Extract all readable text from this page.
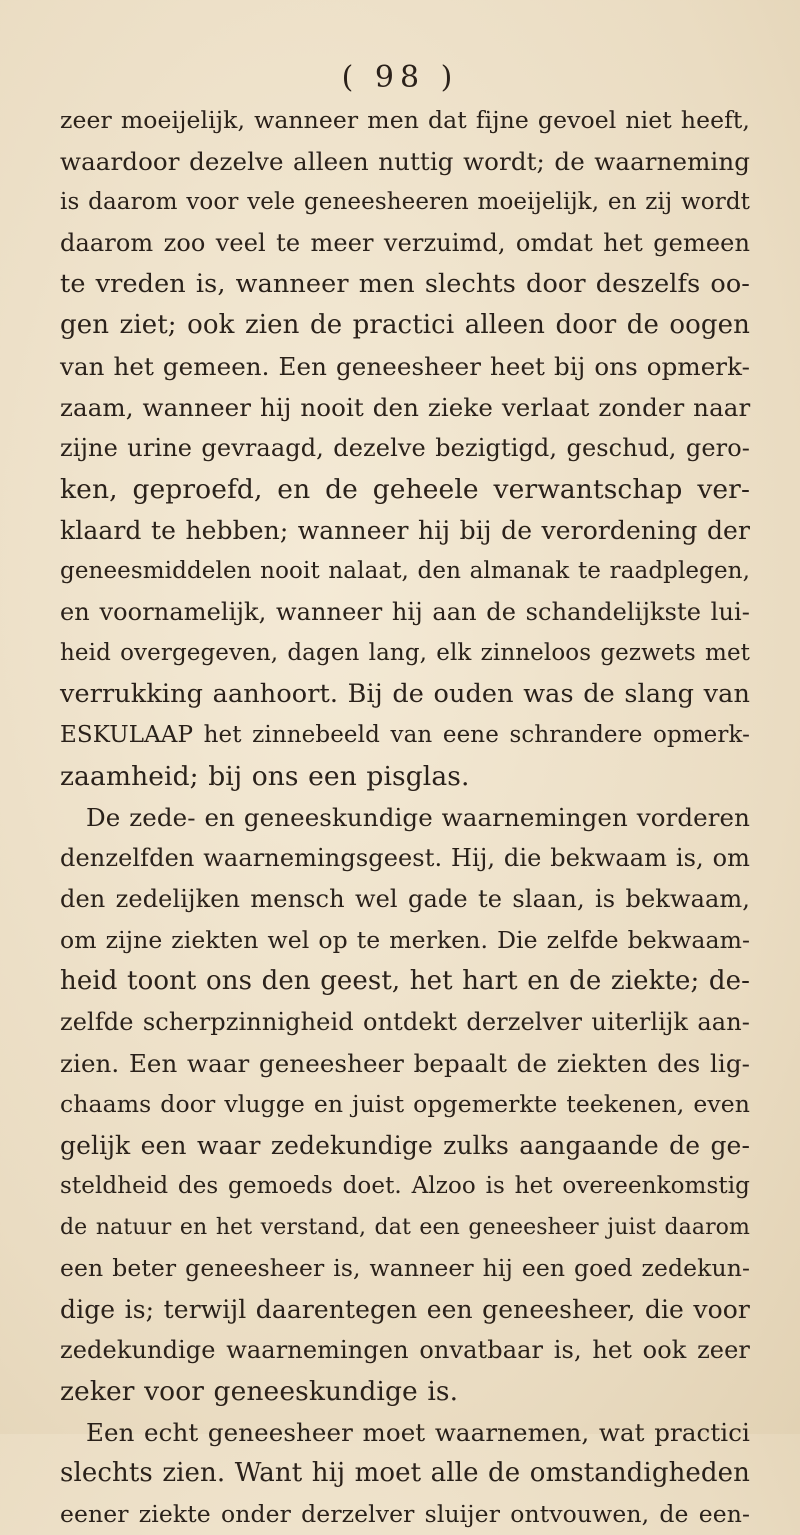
( 98 )
zeer moeijelijk, wanneer men dat fijne gevoel niet heeft,
waardoor dezelve alleen nuttig wordt; de waarneming
is daarom voor vele geneesheeren moeijelijk, en zij wordt
daarom zoo veel te meer verzuimd, omdat het gemeen
te vreden is, wanneer men slechts door deszelfs oo-
gen ziet; ook zien de practici alleen door de oogen
van het gemeen. Een geneesheer heet bij ons opmerk-
zaam, wanneer hij nooit den zieke verlaat zonder naar
zijne urine gevraagd, dezelve bezigtigd, geschud, gero-
ken, geproefd, en de geheele verwantschap ver-
klaard te hebben; wanneer hij bij de verordening der
geneesmiddelen nooit nalaat, den almanak te raadplegen,
en voornamelijk, wanneer hij aan de schandelijkste lui-
heid overgegeven, dagen lang, elk zinneloos gezwets met
verrukking aanhoort. Bij de ouden was de slang van
ESKULAAP het zinnebeeld van eene schrandere opmerk-
zaamheid; bij ons een pisglas.
De zede- en geneeskundige waarnemingen vorderen
denzelfden waarnemingsgeest. Hij, die bekwaam is, om
den zedelijken mensch wel gade te slaan, is bekwaam,
om zijne ziekten wel op te merken. Die zelfde bekwaam-
heid toont ons den geest, het hart en de ziekte; de-
zelfde scherpzinnigheid ontdekt derzelver uiterlijk aan-
zien. Een waar geneesheer bepaalt de ziekten des lig-
chaams door vlugge en juist opgemerkte teekenen, even
gelijk een waar zedekundige zulks aangaande de ge-
steldheid des gemoeds doet. Alzoo is het overeenkomstig
de natuur en het verstand, dat een geneesheer juist daarom
een beter geneesheer is, wanneer hij een goed zedekun-
dige is; terwijl daarentegen een geneesheer, die voor
zedekundige waarnemingen onvatbaar is, het ook zeer
zeker voor geneeskundige is.
Een echt geneesheer moet waarnemen, wat practici
slechts zien. Want hij moet alle de omstandigheden
eener ziekte onder derzelver sluijer ontvouwen, de een-
